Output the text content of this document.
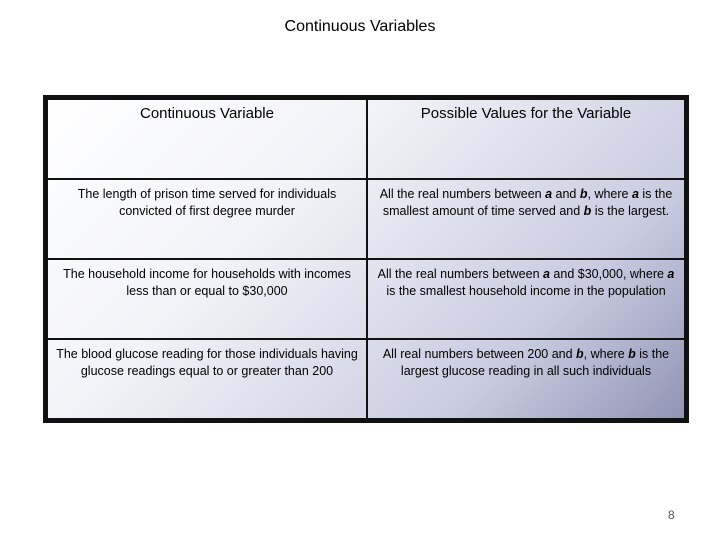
Continuous Variables
Continuous Variable	Possible Values for the Variable
The length of prison time served for individuals convicted of first degree murder	All the real numbers between a and b, where a is the smallest amount of time served and b is the largest.
The household income for households with incomes less than or equal to $30,000	All the real numbers between a and $30,000, where a is the smallest household income in the population
The blood glucose reading for those individuals having glucose readings equal to or greater than 200	All real numbers between 200 and b, where b is the largest glucose reading in all such individuals
8
